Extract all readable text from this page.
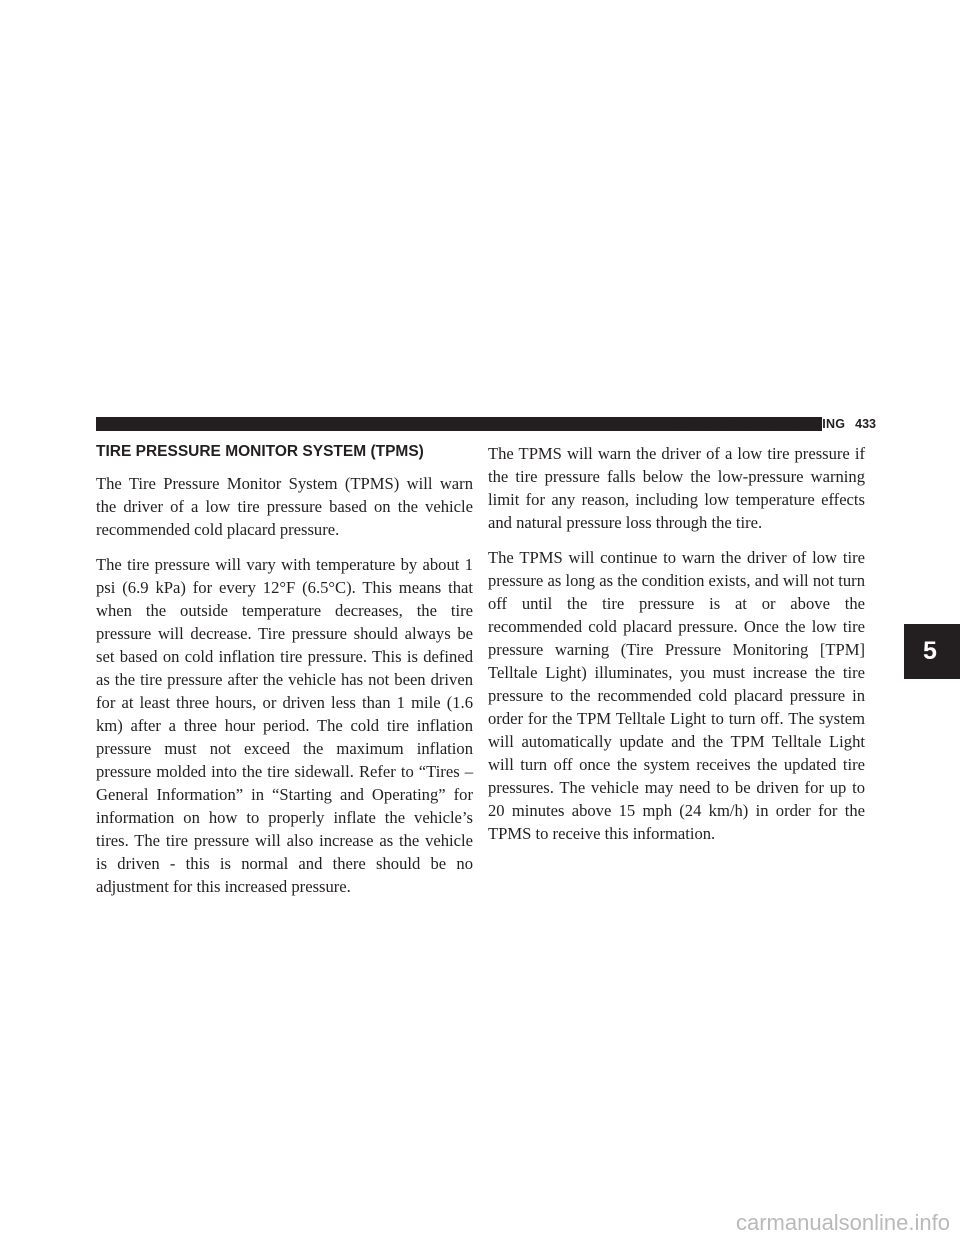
STARTING AND OPERATING 433
TIRE PRESSURE MONITOR SYSTEM (TPMS)

The Tire Pressure Monitor System (TPMS) will warn the driver of a low tire pressure based on the vehicle recommended cold placard pressure.

The tire pressure will vary with temperature by about 1 psi (6.9 kPa) for every 12°F (6.5°C). This means that when the outside temperature decreases, the tire pressure will decrease. Tire pressure should always be set based on cold inflation tire pressure. This is defined as the tire pressure after the vehicle has not been driven for at least three hours, or driven less than 1 mile (1.6 km) after a three hour period. The cold tire inflation pressure must not exceed the maximum inflation pressure molded into the tire sidewall. Refer to “Tires – General Information” in “Starting and Operating” for information on how to properly inflate the vehicle’s tires. The tire pressure will also increase as the vehicle is driven - this is normal and there should be no adjustment for this increased pressure.

The TPMS will warn the driver of a low tire pressure if the tire pressure falls below the low-pressure warning limit for any reason, including low temperature effects and natural pressure loss through the tire.

The TPMS will continue to warn the driver of low tire pressure as long as the condition exists, and will not turn off until the tire pressure is at or above the recommended cold placard pressure. Once the low tire pressure warning (Tire Pressure Monitoring [TPM] Telltale Light) illuminates, you must increase the tire pressure to the recommended cold placard pressure in order for the TPM Telltale Light to turn off. The system will automatically update and the TPM Telltale Light will turn off once the system receives the updated tire pressures. The vehicle may need to be driven for up to 20 minutes above 15 mph (24 km/h) in order for the TPMS to receive this information.

5
carmanualsonline.info
